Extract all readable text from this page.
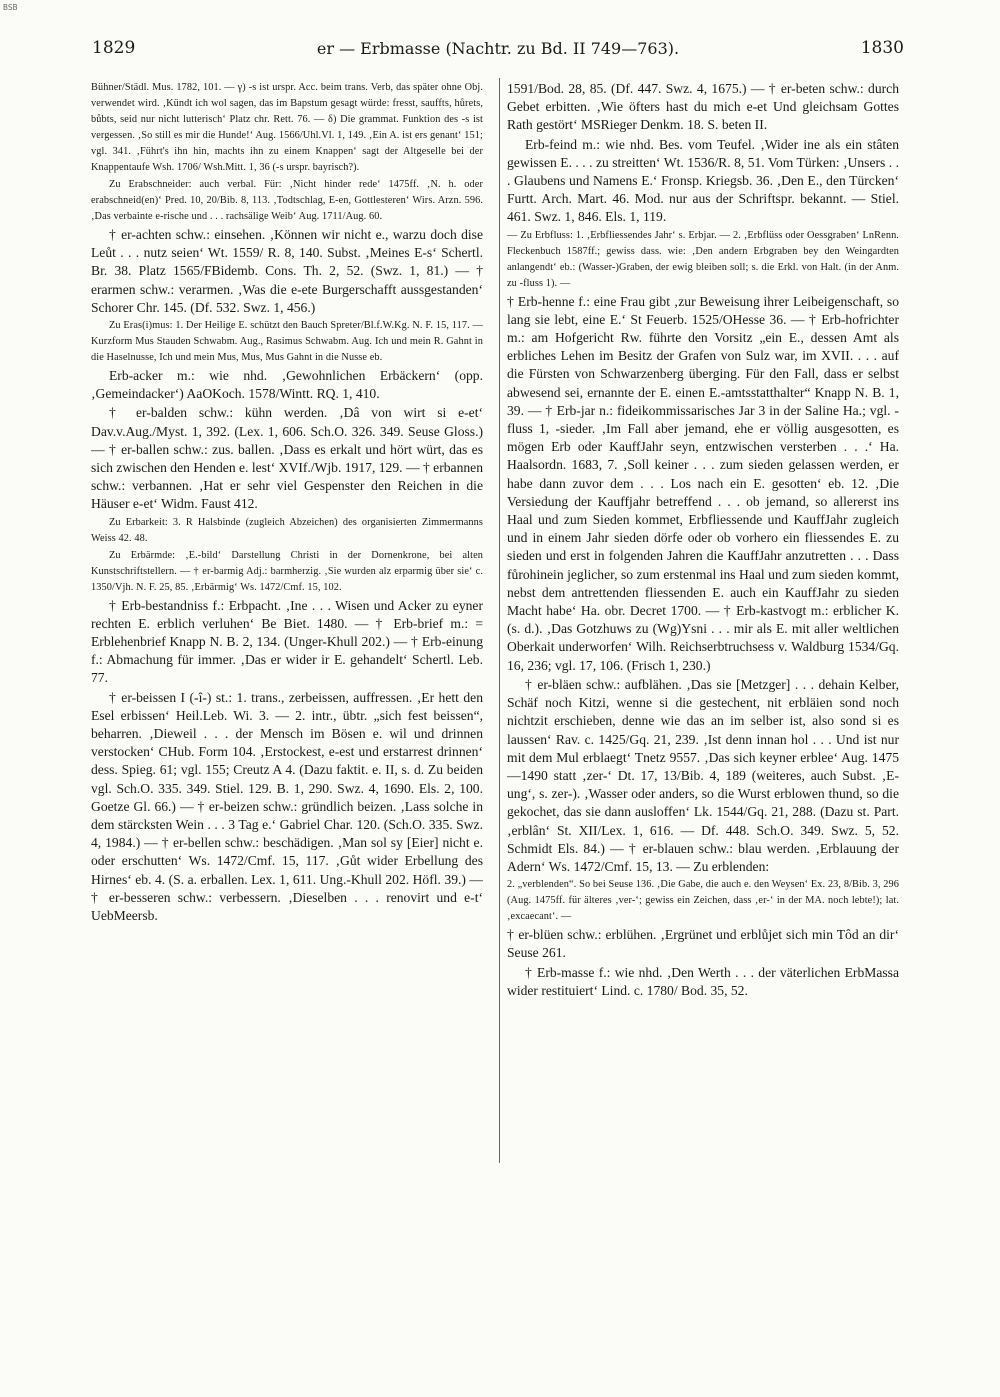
BSB
1829	er — Erbmasse (Nachtr. zu Bd. II 749—763).	1830

Bühner/Städl. Mus. 1782, 101. — γ) -s ist urspr. Acc. beim trans. Verb, das später ohne Obj. verwendet wird. ‚Kündt ich wol sagen, das im Bapstum gesagt würde: fresst, sauffts, hůrets, bůbts, seid nur nicht lutterisch‘ Platz chr. Rett. 76. — δ) Die grammat. Funktion des -s ist vergessen. ‚So still es mir die Hunde!‘ Aug. 1566/Uhl.Vl. 1, 149. ‚Ein A. ist ers genant‘ 151; vgl. 341. ‚Führt's ihn hin, machts ihn zu einem Knappen‘ sagt der Altgeselle bei der Knappentaufe Wsh. 1706/ Wsh.Mitt. 1, 36 (-s urspr. bayrisch?).

Zu Erabschneider: auch verbal. Für: ‚Nicht hinder rede‘ 1475ff. ‚N. h. oder erabschneid(en)‘ Pred. 10, 20/Bib. 8, 113. ‚Todtschlag, E-en, Gottlesteren‘ Wirs. Arzn. 596. ‚Das verbainte e-rische und . . . rachsälige Weib‘ Aug. 1711/Aug. 60.

† er-achten schw.: einsehen. ‚Können wir nicht e., warzu doch dise Leůt . . . nutz seien‘ Wt. 1559/ R. 8, 140. Subst. ‚Meines E-s‘ Schertl. Br. 38. Platz 1565/FBidemb. Cons. Th. 2, 52. (Swz. 1, 81.) — † erarmen schw.: verarmen. ‚Was die e-ete Burgerschafft aussgestanden‘ Schorer Chr. 145. (Df. 532. Swz. 1, 456.)

Zu Eras(i)mus: 1. Der Heilige E. schützt den Bauch Spreter/Bl.f.W.Kg. N. F. 15, 117. — Kurzform Mus Stauden Schwabm. Aug., Rasimus Schwabm. Aug. Ich und mein R. Gahnt in die Haselnusse, Ich und mein Mus, Mus, Mus Gahnt in die Nusse eb.

Erb-acker m.: wie nhd. ‚Gewohnlichen Erbäckern‘ (opp. ‚Gemeindacker‘) AaOKoch. 1578/Wintt. RQ. 1, 410.

† er-balden schw.: kühn werden. ‚Dâ von wirt si e-et‘ Dav.v.Aug./Myst. 1, 392. (Lex. 1, 606. Sch.O. 326. 349. Seuse Gloss.) — † er-ballen schw.: zus. ballen. ‚Dass es erkalt und hört würt, das es sich zwischen den Henden e. lest‘ XVIf./Wjb. 1917, 129. — † erbannen schw.: verbannen. ‚Hat er sehr viel Gespenster den Reichen in die Häuser e-et‘ Widm. Faust 412.

Zu Erbarkeit: 3. R Halsbinde (zugleich Abzeichen) des organisierten Zimmermanns Weiss 42. 48.

Zu Erbärmde: ‚E.-bild‘ Darstellung Christi in der Dornenkrone, bei alten Kunstschriftstellern. — † er-barmig Adj.: barmherzig. ‚Sie wurden alz erparmig über sie‘ c. 1350/Vjh. N. F. 25, 85. ‚Erbärmig‘ Ws. 1472/Cmf. 15, 102.

† Erb-bestandniss f.: Erbpacht. ‚Ine . . . Wisen und Acker zu eyner rechten E. erblich verluhen‘ Be Biet. 1480. — † Erb-brief m.: = Erblehenbrief Knapp N. B. 2, 134. (Unger-Khull 202.) — † Erb-einung f.: Abmachung für immer. ‚Das er wider ir E. gehandelt‘ Schertl. Leb. 77.

† er-beissen I (-î-) st.: 1. trans., zerbeissen, auffressen. ‚Er hett den Esel erbissen‘ Heil.Leb. Wi. 3. — 2. intr., übtr. „sich fest beissen“, beharren. ‚Dieweil . . . der Mensch im Bösen e. wil und drinnen verstocken‘ CHub. Form 104. ‚Erstockest, e-est und erstarrest drinnen‘ dess. Spieg. 61; vgl. 155; Creutz A 4. (Dazu faktit. e. II, s. d. Zu beiden vgl. Sch.O. 335. 349. Stiel. 129. B. 1, 290. Swz. 4, 1690. Els. 2, 100. Goetze Gl. 66.) — † er-beizen schw.: gründlich beizen. ‚Lass solche in dem stärcksten Wein . . . 3 Tag e.‘ Gabriel Char. 120. (Sch.O. 335. Swz. 4, 1984.) — † er-bellen schw.: beschädigen. ‚Man sol sy [Eier] nicht e. oder erschutten‘ Ws. 1472/Cmf. 15, 117. ‚Gůt wider Erbellung des Hirnes‘ eb. 4. (S. a. erballen. Lex. 1, 611. Ung.-Khull 202. Höfl. 39.) — † er-besseren schw.: verbessern. ‚Dieselben . . . renovirt und e-t‘ UebMeersb.

1591/Bod. 28, 85. (Df. 447. Swz. 4, 1675.) — † er-beten schw.: durch Gebet erbitten. ‚Wie öfters hast du mich e-et Und gleichsam Gottes Rath gestört‘ MSRieger Denkm. 18. S. beten II.

Erb-feind m.: wie nhd. Bes. vom Teufel. ‚Wider ine als ein stâten gewissen E. . . . zu streitten‘ Wt. 1536/R. 8, 51. Vom Türken: ‚Unsers . . . Glaubens und Namens E.‘ Fronsp. Kriegsb. 36. ‚Den E., den Türcken‘ Furtt. Arch. Mart. 46. Mod. nur aus der Schriftspr. bekannt. — Stiel. 461. Swz. 1, 846. Els. 1, 119.

— Zu Erbfluss: 1. ‚Erbfliessendes Jahr‘ s. Erbjar. — 2. ‚Erbflüss oder Oessgraben‘ LnRenn. Fleckenbuch 1587ff.; gewiss dass. wie: ‚Den andern Erbgraben bey den Weingardten anlangendt‘ eb.: (Wasser-)Graben, der ewig bleiben soll; s. die Erkl. von Halt. (in der Anm. zu -fluss 1). —

† Erb-henne f.: eine Frau gibt ‚zur Beweisung ihrer Leibeigenschaft, so lang sie lebt, eine E.‘ St Feuerb. 1525/OHesse 36. — † Erb-hofrichter m.: am Hofgericht Rw. führte den Vorsitz „ein E., dessen Amt als erbliches Lehen im Besitz der Grafen von Sulz war, im XVII. . . . auf die Fürsten von Schwarzenberg überging. Für den Fall, dass er selbst abwesend sei, ernannte der E. einen E.-amtsstatthalter“ Knapp N. B. 1, 39. — † Erb-jar n.: fideikommissarisches Jar 3 in der Saline Ha.; vgl. -fluss 1, -sieder. ‚Im Fall aber jemand, ehe er völlig ausgesotten, es mögen Erb oder KauffJahr seyn, entzwischen versterben . . .‘ Ha. Haalsordn. 1683, 7. ‚Soll keiner . . . zum sieden gelassen werden, er habe dann zuvor dem . . . Los nach ein E. gesotten‘ eb. 12. ‚Die Versiedung der Kauffjahr betreffend . . . ob jemand, so allererst ins Haal und zum Sieden kommet, Erbfliessende und KauffJahr zugleich und in einem Jahr sieden dörfe oder ob vorhero ein fliessendes E. zu sieden und erst in folgenden Jahren die KauffJahr anzutretten . . . Dass fůrohinein jeglicher, so zum erstenmal ins Haal und zum sieden kommt, nebst dem antrettenden fliessenden E. auch ein KauffJahr zu sieden Macht habe‘ Ha. obr. Decret 1700. — † Erb-kastvogt m.: erblicher K. (s. d.). ‚Das Gotzhuws zu (Wg)Ysni . . . mir als E. mit aller weltlichen Oberkait underworfen‘ Wilh. Reichserbtruchsess v. Waldburg 1534/Gq. 16, 236; vgl. 17, 106. (Frisch 1, 230.)

† er-bläen schw.: aufblähen. ‚Das sie [Metzger] . . . dehain Kelber, Schäf noch Kitzi, wenne si die gestechent, nit erbläien sond noch nichtzit erschieben, denne wie das an im selber ist, also sond si es laussen‘ Rav. c. 1425/Gq. 21, 239. ‚Ist denn innan hol . . . Und ist nur mit dem Mul erblaegt‘ Tnetz 9557. ‚Das sich keyner erblee‘ Aug. 1475—1490 statt ‚zer-‘ Dt. 17, 13/Bib. 4, 189 (weiteres, auch Subst. ‚E-ung‘, s. zer-). ‚Wasser oder anders, so die Wurst erblowen thund, so die gekochet, das sie dann ausloffen‘ Lk. 1544/Gq. 21, 288. (Dazu st. Part. ‚erblân‘ St. XII/Lex. 1, 616. — Df. 448. Sch.O. 349. Swz. 5, 52. Schmidt Els. 84.) — † er-blauen schw.: blau werden. ‚Erblauung der Adern‘ Ws. 1472/Cmf. 15, 13. — Zu erblenden:

2. „verblenden“. So bei Seuse 136. ‚Die Gabe, die auch e. den Weysen‘ Ex. 23, 8/Bib. 3, 296 (Aug. 1475ff. für älteres ‚ver-‘; gewiss ein Zeichen, dass ‚er-‘ in der MA. noch lebte!); lat. ‚excaecant‘. —

† er-blüen schw.: erblühen. ‚Ergrünet und erblůjet sich min Tôd an dir‘ Seuse 261.

† Erb-masse f.: wie nhd. ‚Den Werth . . . der väterlichen ErbMassa wider restituiert‘ Lind. c. 1780/ Bod. 35, 52.
